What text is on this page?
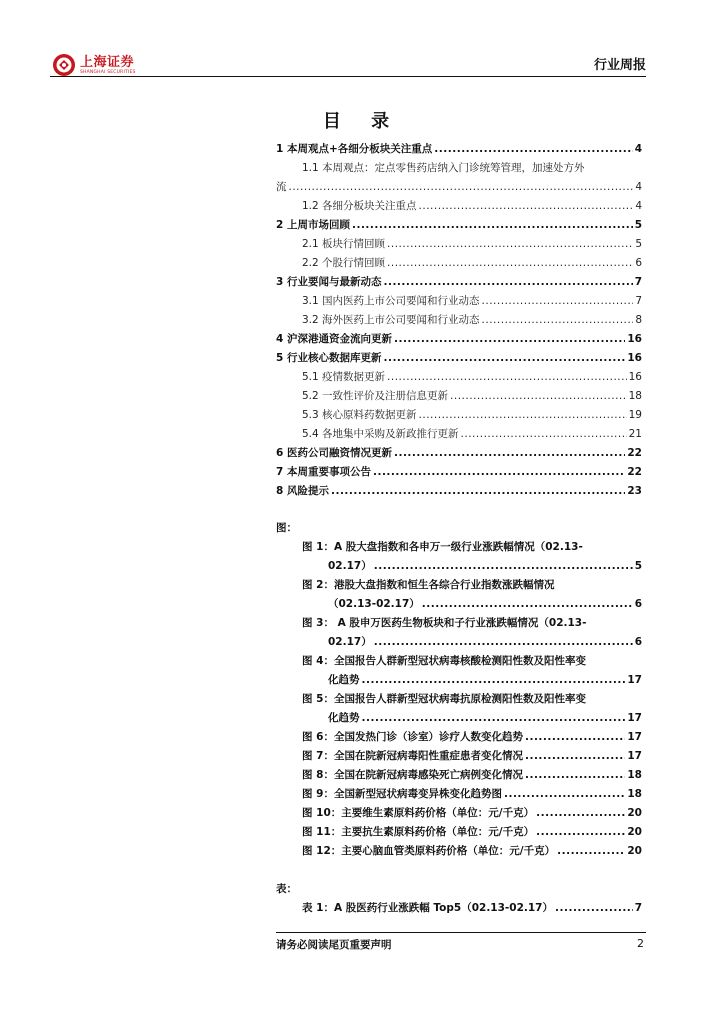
上海证券
SHANGHAI SECURITIES	行业周报
目 录
1 本周观点+各细分板块关注重点 .....	4
1.1 本周观点：定点零售药店纳入门诊统筹管理，加速处方外
流 .....	4
1.2 各细分板块关注重点 .....	4
2 上周市场回顾 .....	5
2.1 板块行情回顾 .....	5
2.2 个股行情回顾 .....	6
3 行业要闻与最新动态 .....	7
3.1 国内医药上市公司要闻和行业动态 .....	7
3.2 海外医药上市公司要闻和行业动态 .....	8
4 沪深港通资金流向更新 .....	16
5 行业核心数据库更新 .....	16
5.1 疫情数据更新 .....	16
5.2 一致性评价及注册信息更新 .....	18
5.3 核心原料药数据更新 .....	19
5.4 各地集中采购及新政推行更新 .....	21
6 医药公司融资情况更新 .....	22
7 本周重要事项公告 .....	22
8 风险提示 .....	23
图：
图 1：A 股大盘指数和各申万一级行业涨跌幅情况（02.13-
02.17） .....	5
图 2：港股大盘指数和恒生各综合行业指数涨跌幅情况
（02.13-02.17） .....	6
图 3： A 股申万医药生物板块和子行业涨跌幅情况（02.13-
02.17） .....	6
图 4：全国报告人群新型冠状病毒核酸检测阳性数及阳性率变
化趋势 .....	17
图 5：全国报告人群新型冠状病毒抗原检测阳性数及阳性率变
化趋势 .....	17
图 6：全国发热门诊（诊室）诊疗人数变化趋势 .....	17
图 7：全国在院新冠病毒阳性重症患者变化情况 .....	17
图 8：全国在院新冠病毒感染死亡病例变化情况 .....	18
图 9：全国新型冠状病毒变异株变化趋势图 .....	18
图 10：主要维生素原料药价格（单位：元/千克） .....	20
图 11：主要抗生素原料药价格（单位：元/千克） .....	20
图 12：主要心脑血管类原料药价格（单位：元/千克） .....	20
表：
表 1：A 股医药行业涨跌幅 Top5（02.13-02.17） .....	7
请务必阅读尾页重要声明	2
